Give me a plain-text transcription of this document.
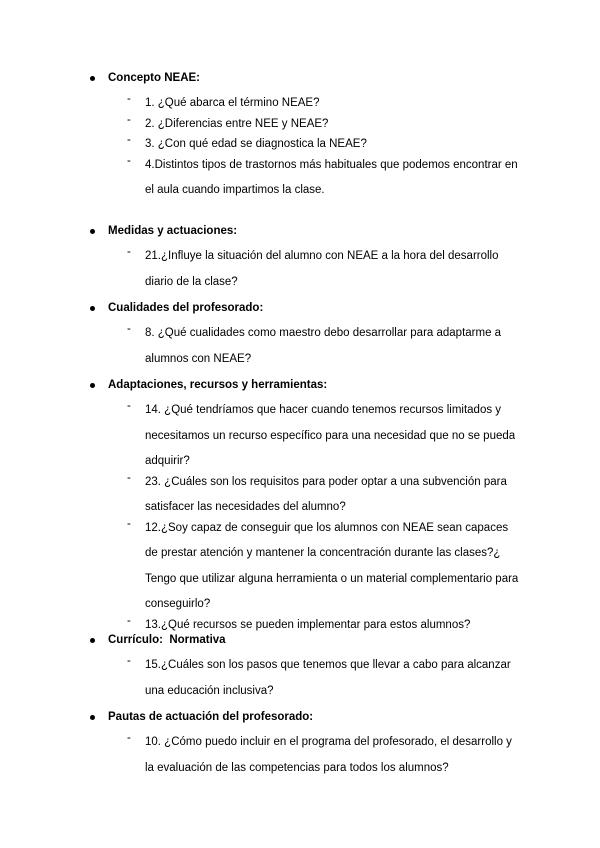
Concepto NEAE:
- 1. ¿Qué abarca el término NEAE?

- 2. ¿Diferencias entre NEE y NEAE?

- 3. ¿Con qué edad se diagnostica la NEAE?

- 4.Distintos tipos de trastornos más habituales que podemos encontrar en el aula cuando impartimos la clase.

Medidas y actuaciones:
- 21.¿Influye la situación del alumno con NEAE a la hora del desarrollo diario de la clase?

Cualidades del profesorado:
- 8. ¿Qué cualidades como maestro debo desarrollar para adaptarme a alumnos con NEAE?

Adaptaciones, recursos y herramientas:
- 14. ¿Qué tendríamos que hacer cuando tenemos recursos limitados y necesitamos un recurso específico para una necesidad que no se pueda adquirir?

- 23. ¿Cuáles son los requisitos para poder optar a una subvención para satisfacer las necesidades del alumno?

- 12.¿Soy capaz de conseguir que los alumnos con NEAE sean capaces de prestar atención y mantener la concentración durante las clases?¿ Tengo que utilizar alguna herramienta o un material complementario para conseguirlo?

- 13.¿Qué recursos se pueden implementar para estos alumnos?

Currículo:  Normativa
- 15.¿Cuáles son los pasos que tenemos que llevar a cabo para alcanzar una educación inclusiva?

Pautas de actuación del profesorado:
- 10. ¿Cómo puedo incluir en el programa del profesorado, el desarrollo y la evaluación de las competencias para todos los alumnos?
